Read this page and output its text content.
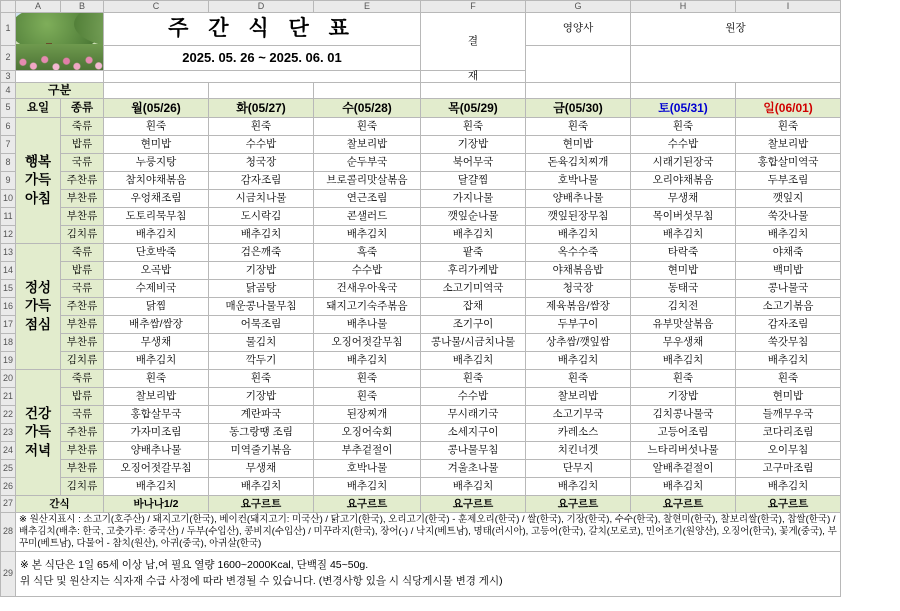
	A	B	C	D	E	F	G	H	I
1			주 간 식 단 표			결	영양사	원장	
2			2025. 05. 26 ~ 2025. 06. 01						
3						재			
4	구분								
5	요일	종류	월(05/26)	화(05/27)	수(05/28)	목(05/29)	금(05/30)	토(05/31)	일(06/01)
6	행복
가득
아침	죽류	흰죽	흰죽	흰죽	흰죽	흰죽	흰죽	흰죽
7		밥류	현미밥	수수밥	찰보리밥	기장밥	현미밥	수수밥	찰보리밥
8		국류	누룽지탕	청국장	순두부국	북어무국	돈육김치찌개	시래기된장국	홍합살미역국
9		주찬류	참치야채볶음	감자조림	브로콜리맛살볶음	달걀찜	호박나물	오리야채볶음	두부조림
10		부찬류	우엉채조림	시금치나물	연근조림	가지나물	양배추나물	무생채	깻잎지
11		부찬류	도토리묵무침	도시락김	콘샐러드	깻잎순나물	깻잎된장무침	목이버섯무침	쑥갓나물
12		김치류	배추김치	배추김치	배추김치	배추김치	배추김치	배추김치	배추김치
13	정성
가득
점심	죽류	단호박죽	검은깨죽	흑죽	팥죽	옥수수죽	타락죽	야채죽
14		밥류	오곡밥	기장밥	수수밥	후리가케밥	야채볶음밥	현미밥	백미밥
15		국류	수제비국	닭곰탕	건새우아욱국	소고기미역국	청국장	동태국	콩나물국
16		주찬류	닭찜	매운콩나물무침	돼지고기숙주볶음	잡채	제육볶음/쌈장	김치전	소고기볶음
17		부찬류	배추쌈/쌈장	어묵조림	배추나물	조기구이	두부구이	유부맛살볶음	감자조림
18		부찬류	무생채	물김치	오징어젓갈무침	콩나물/시금치나물	상추쌈/깻잎쌈	무우생채	쑥갓무침
19		김치류	배추김치	깍두기	배추김치	배추김치	배추김치	배추김치	배추김치
20	건강
가득
저녁	죽류	흰죽	흰죽	흰죽	흰죽	흰죽	흰죽	흰죽
21		밥류	찰보리밥	기장밥	흰죽	수수밥	찰보리밥	기장밥	현미밥
22		국류	홍합살무국	계란파국	된장찌개	무시래기국	소고기무국	김치콩나물국	들깨무우국
23		주찬류	가자미조림	동그랑땡 조림	오징어숙회	소세지구이	카레소스	고등어조림	코다리조림
24		부찬류	양배추나물	미역줄기볶음	부추겉절이	콩나물무침	치킨너겟	느타리버섯나물	오이무침
25		부찬류	오징어젓갈무침	무생채	호박나물	겨울초나물	단무지	알배추겉절이	고구마조림
26		김치류	배추김치	배추김치	배추김치	배추김치	배추김치	배추김치	배추김치
27	간식		바나나1/2	요구르트	요구르트	요구르트	요구르트	요구르트	요구르트
28	※ 원산지표시 : 소고기(호주산) / 돼지고기(한국), 베이컨(돼지고기: 미국산) / 닭고기(한국), 오리고기(한국) - 훈제오리(한국) / 쌀(한국), 기장(한국), 수수(한국), 찰현미(한국), 찰보리쌀(한국), 찹쌀(한국) / 배추김치(배추: 한국, 고춧가루: 중국산) / 두부(수입산), 콩비지(수입산) / 미꾸라지(한국), 장어(-) / 낙지(베트남), 명태(러시아), 고등어(한국), 갈치(모로코), 민어조기(원양산), 오징어(한국), 꽃게(중국), 부꾸미(베트남), 다물어 - 참치(원산), 아귀(중국), 아귀살(한국)								
29	※ 본 식단은 1일 65세 이상 남,여 필요 열량 1600~2000Kcal, 단백질 45~50g.
위 식단 및 원산지는 식자재 수급 사정에 따라 변경될 수 있습니다. (변경사항 있을 시 식당게시물 변경 게시)								
